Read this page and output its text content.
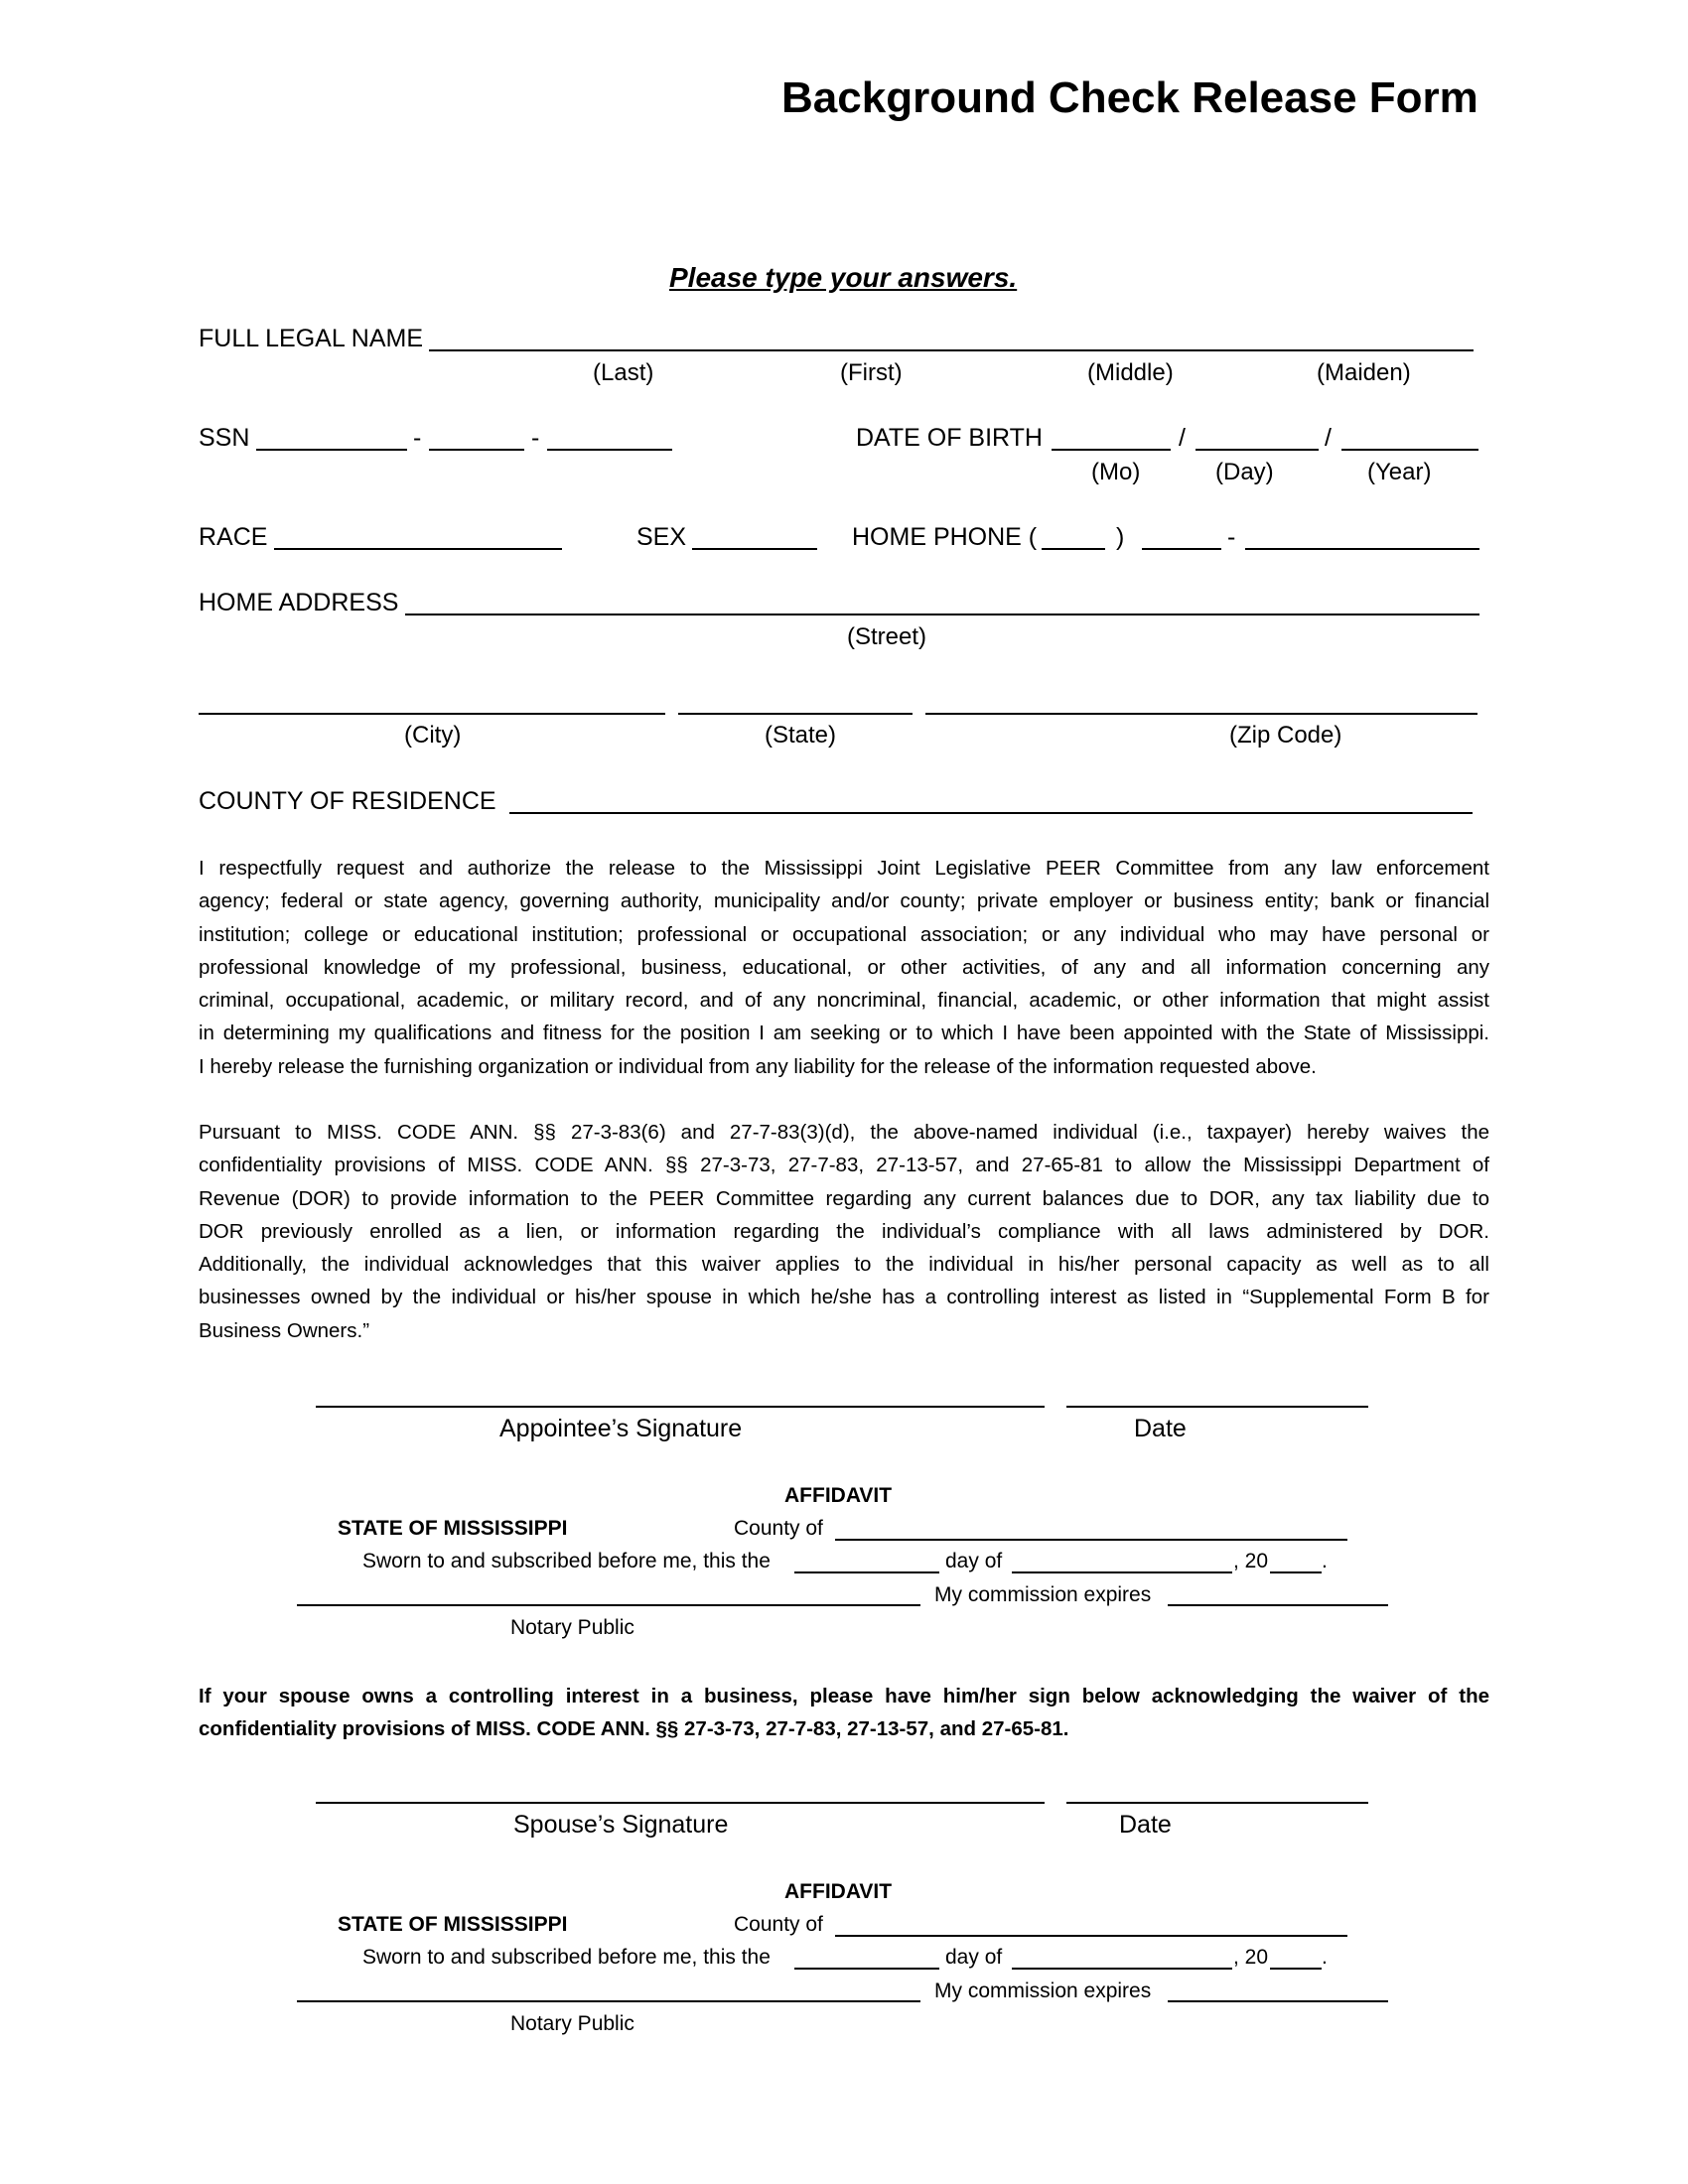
Background Check Release Form
Please type your answers.
FULL LEGAL NAME
(Last)	(First)	(Middle)	(Maiden)
SSN	-	-	DATE OF BIRTH	/	/
(Mo)	(Day)	(Year)
RACE	SEX	HOME PHONE (	)	-
HOME ADDRESS
(Street)
(City)	(State)	(Zip Code)
COUNTY OF RESIDENCE
I respectfully request and authorize the release to the Mississippi Joint Legislative PEER Committee from any law enforcement
agency; federal or state agency, governing authority, municipality and/or county; private employer or business entity; bank or financial
institution; college or educational institution; professional or occupational association; or any individual who may have personal or
professional knowledge of my professional, business, educational, or other activities, of any and all information concerning any
criminal, occupational, academic, or military record, and of any noncriminal, financial, academic, or other information that might assist
in determining my qualifications and fitness for the position I am seeking or to which I have been appointed with the State of Mississippi.
I hereby release the furnishing organization or individual from any liability for the release of the information requested above.
Pursuant to MISS. CODE ANN. §§ 27-3-83(6) and 27-7-83(3)(d), the above-named individual (i.e., taxpayer) hereby waives the
confidentiality provisions of MISS. CODE ANN. §§ 27-3-73, 27-7-83, 27-13-57, and 27-65-81 to allow the Mississippi Department of
Revenue (DOR) to provide information to the PEER Committee regarding any current balances due to DOR, any tax liability due to
DOR previously enrolled as a lien, or information regarding the individual’s compliance with all laws administered by DOR.
Additionally, the individual acknowledges that this waiver applies to the individual in his/her personal capacity as well as to all
businesses owned by the individual or his/her spouse in which he/she has a controlling interest as listed in “Supplemental Form B for
Business Owners.”
Appointee’s Signature	Date
AFFIDAVIT
STATE OF MISSISSIPPI	County of
Sworn to and subscribed before me, this the	day of	, 20	.
My commission expires
Notary Public
If your spouse owns a controlling interest in a business, please have him/her sign below acknowledging the waiver of the
confidentiality provisions of MISS. CODE ANN. §§ 27-3-73, 27-7-83, 27-13-57, and 27-65-81.
Spouse’s Signature	Date
AFFIDAVIT
STATE OF MISSISSIPPI	County of
Sworn to and subscribed before me, this the	day of	, 20	.
My commission expires
Notary Public
